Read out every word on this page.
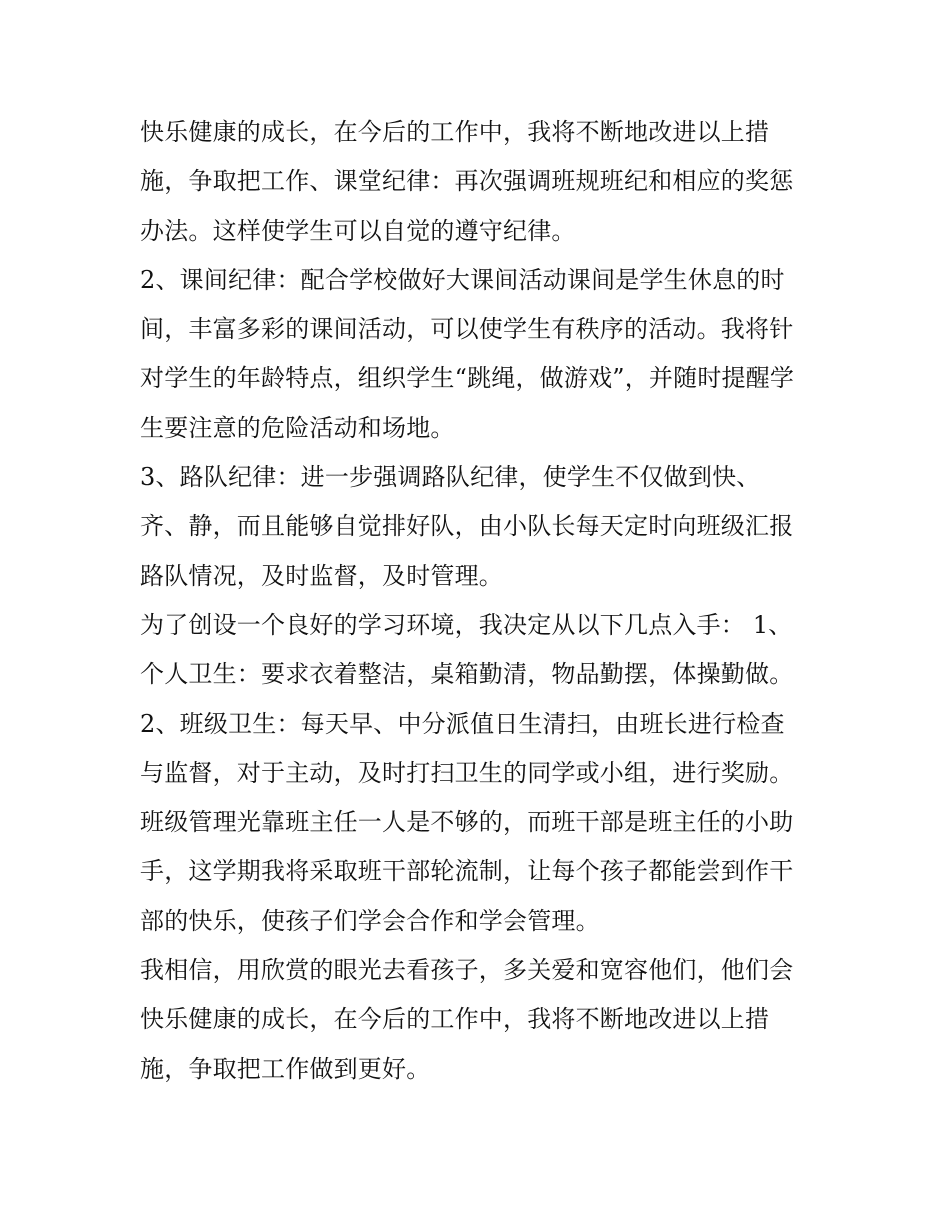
快乐健康的成长，在今后的工作中，我将不断地改进以上措
施，争取把工作、课堂纪律：再次强调班规班纪和相应的奖惩
办法。这样使学生可以自觉的遵守纪律。
2、课间纪律：配合学校做好大课间活动课间是学生休息的时
间，丰富多彩的课间活动，可以使学生有秩序的活动。我将针
对学生的年龄特点，组织学生“跳绳，做游戏”，并随时提醒学
生要注意的危险活动和场地。
3、路队纪律：进一步强调路队纪律，使学生不仅做到快、
齐、静，而且能够自觉排好队，由小队长每天定时向班级汇报
路队情况，及时监督，及时管理。
为了创设一个良好的学习环境，我决定从以下几点入手： 1、
个人卫生：要求衣着整洁，桌箱勤清，物品勤摆，体操勤做。
2、班级卫生：每天早、中分派值日生清扫，由班长进行检查
与监督，对于主动，及时打扫卫生的同学或小组，进行奖励。
班级管理光靠班主任一人是不够的，而班干部是班主任的小助
手，这学期我将采取班干部轮流制，让每个孩子都能尝到作干
部的快乐，使孩子们学会合作和学会管理。
我相信，用欣赏的眼光去看孩子，多关爱和宽容他们，他们会
快乐健康的成长，在今后的工作中，我将不断地改进以上措
施，争取把工作做到更好。
